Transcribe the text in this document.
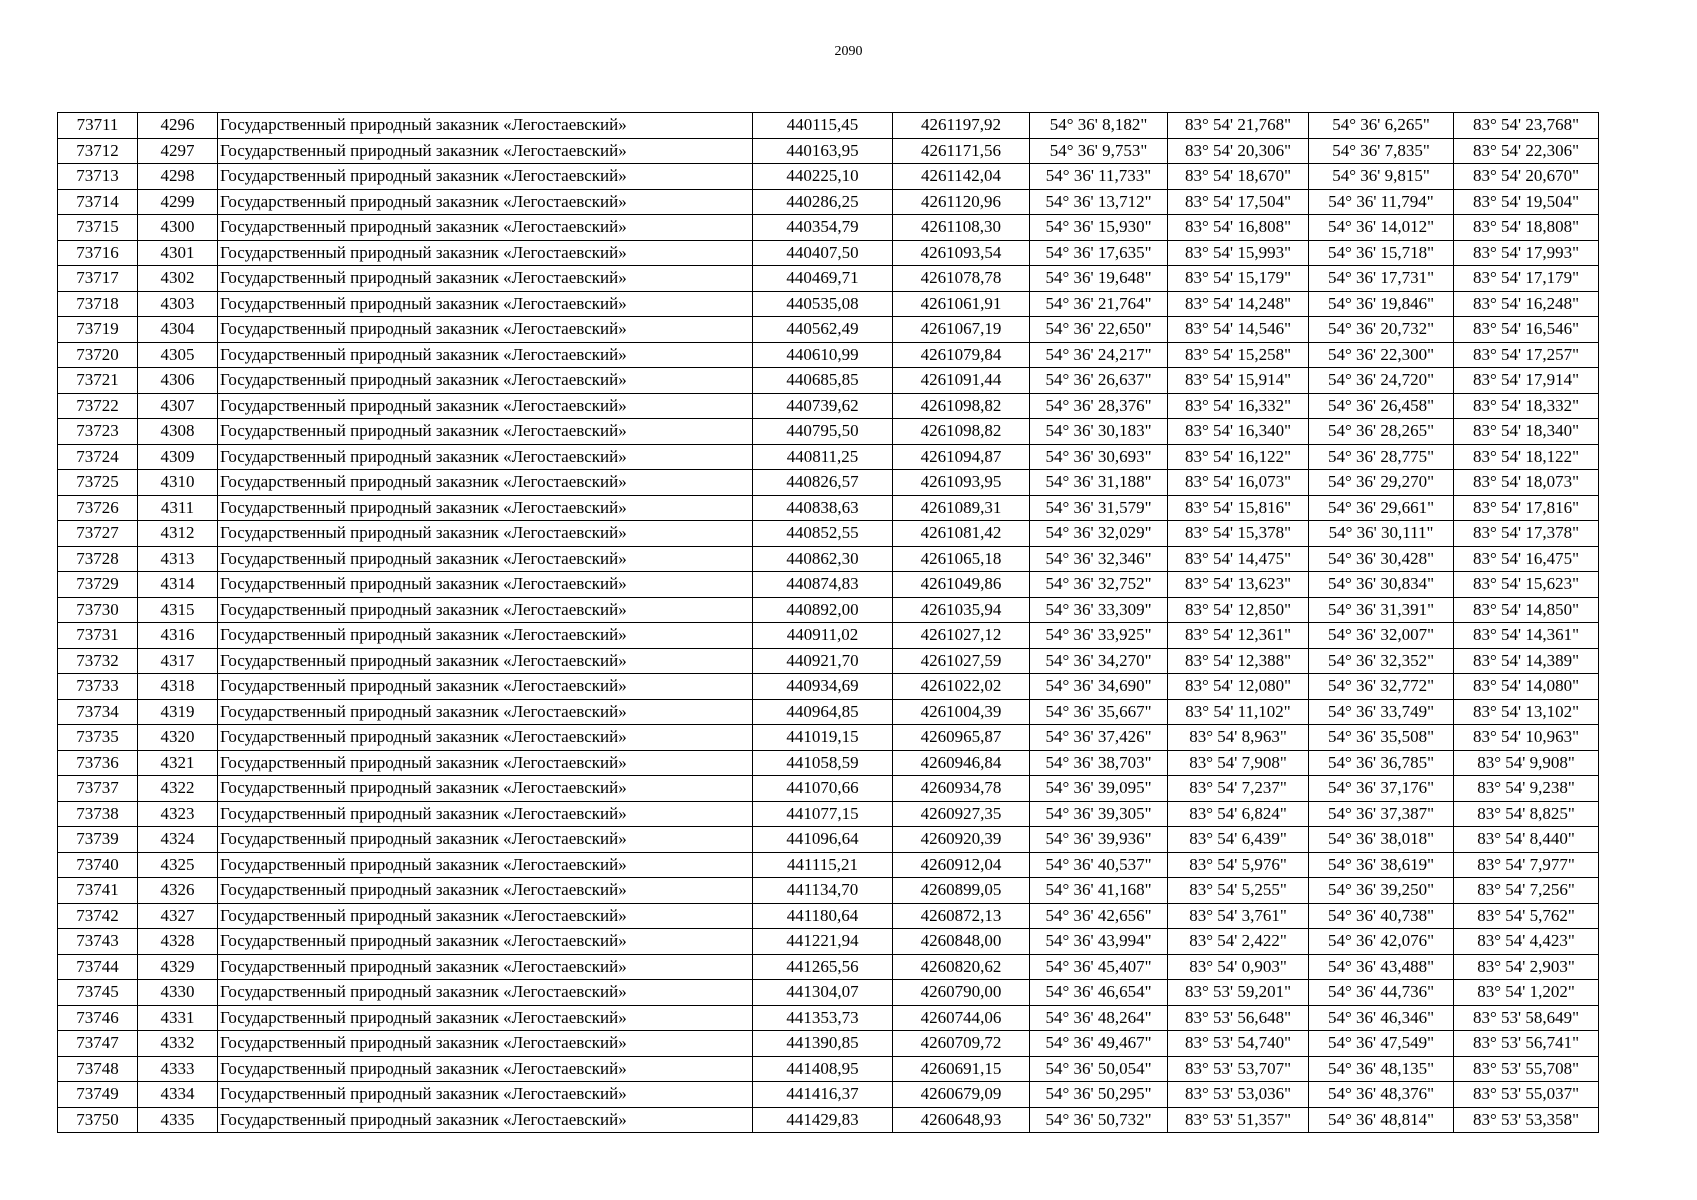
2090
73711	4296	Государственный природный заказник «Легостаевский»	440115,45	4261197,92	54° 36' 8,182"	83° 54' 21,768"	54° 36' 6,265"	83° 54' 23,768"
73712	4297	Государственный природный заказник «Легостаевский»	440163,95	4261171,56	54° 36' 9,753"	83° 54' 20,306"	54° 36' 7,835"	83° 54' 22,306"
73713	4298	Государственный природный заказник «Легостаевский»	440225,10	4261142,04	54° 36' 11,733"	83° 54' 18,670"	54° 36' 9,815"	83° 54' 20,670"
73714	4299	Государственный природный заказник «Легостаевский»	440286,25	4261120,96	54° 36' 13,712"	83° 54' 17,504"	54° 36' 11,794"	83° 54' 19,504"
73715	4300	Государственный природный заказник «Легостаевский»	440354,79	4261108,30	54° 36' 15,930"	83° 54' 16,808"	54° 36' 14,012"	83° 54' 18,808"
73716	4301	Государственный природный заказник «Легостаевский»	440407,50	4261093,54	54° 36' 17,635"	83° 54' 15,993"	54° 36' 15,718"	83° 54' 17,993"
73717	4302	Государственный природный заказник «Легостаевский»	440469,71	4261078,78	54° 36' 19,648"	83° 54' 15,179"	54° 36' 17,731"	83° 54' 17,179"
73718	4303	Государственный природный заказник «Легостаевский»	440535,08	4261061,91	54° 36' 21,764"	83° 54' 14,248"	54° 36' 19,846"	83° 54' 16,248"
73719	4304	Государственный природный заказник «Легостаевский»	440562,49	4261067,19	54° 36' 22,650"	83° 54' 14,546"	54° 36' 20,732"	83° 54' 16,546"
73720	4305	Государственный природный заказник «Легостаевский»	440610,99	4261079,84	54° 36' 24,217"	83° 54' 15,258"	54° 36' 22,300"	83° 54' 17,257"
73721	4306	Государственный природный заказник «Легостаевский»	440685,85	4261091,44	54° 36' 26,637"	83° 54' 15,914"	54° 36' 24,720"	83° 54' 17,914"
73722	4307	Государственный природный заказник «Легостаевский»	440739,62	4261098,82	54° 36' 28,376"	83° 54' 16,332"	54° 36' 26,458"	83° 54' 18,332"
73723	4308	Государственный природный заказник «Легостаевский»	440795,50	4261098,82	54° 36' 30,183"	83° 54' 16,340"	54° 36' 28,265"	83° 54' 18,340"
73724	4309	Государственный природный заказник «Легостаевский»	440811,25	4261094,87	54° 36' 30,693"	83° 54' 16,122"	54° 36' 28,775"	83° 54' 18,122"
73725	4310	Государственный природный заказник «Легостаевский»	440826,57	4261093,95	54° 36' 31,188"	83° 54' 16,073"	54° 36' 29,270"	83° 54' 18,073"
73726	4311	Государственный природный заказник «Легостаевский»	440838,63	4261089,31	54° 36' 31,579"	83° 54' 15,816"	54° 36' 29,661"	83° 54' 17,816"
73727	4312	Государственный природный заказник «Легостаевский»	440852,55	4261081,42	54° 36' 32,029"	83° 54' 15,378"	54° 36' 30,111"	83° 54' 17,378"
73728	4313	Государственный природный заказник «Легостаевский»	440862,30	4261065,18	54° 36' 32,346"	83° 54' 14,475"	54° 36' 30,428"	83° 54' 16,475"
73729	4314	Государственный природный заказник «Легостаевский»	440874,83	4261049,86	54° 36' 32,752"	83° 54' 13,623"	54° 36' 30,834"	83° 54' 15,623"
73730	4315	Государственный природный заказник «Легостаевский»	440892,00	4261035,94	54° 36' 33,309"	83° 54' 12,850"	54° 36' 31,391"	83° 54' 14,850"
73731	4316	Государственный природный заказник «Легостаевский»	440911,02	4261027,12	54° 36' 33,925"	83° 54' 12,361"	54° 36' 32,007"	83° 54' 14,361"
73732	4317	Государственный природный заказник «Легостаевский»	440921,70	4261027,59	54° 36' 34,270"	83° 54' 12,388"	54° 36' 32,352"	83° 54' 14,389"
73733	4318	Государственный природный заказник «Легостаевский»	440934,69	4261022,02	54° 36' 34,690"	83° 54' 12,080"	54° 36' 32,772"	83° 54' 14,080"
73734	4319	Государственный природный заказник «Легостаевский»	440964,85	4261004,39	54° 36' 35,667"	83° 54' 11,102"	54° 36' 33,749"	83° 54' 13,102"
73735	4320	Государственный природный заказник «Легостаевский»	441019,15	4260965,87	54° 36' 37,426"	83° 54' 8,963"	54° 36' 35,508"	83° 54' 10,963"
73736	4321	Государственный природный заказник «Легостаевский»	441058,59	4260946,84	54° 36' 38,703"	83° 54' 7,908"	54° 36' 36,785"	83° 54' 9,908"
73737	4322	Государственный природный заказник «Легостаевский»	441070,66	4260934,78	54° 36' 39,095"	83° 54' 7,237"	54° 36' 37,176"	83° 54' 9,238"
73738	4323	Государственный природный заказник «Легостаевский»	441077,15	4260927,35	54° 36' 39,305"	83° 54' 6,824"	54° 36' 37,387"	83° 54' 8,825"
73739	4324	Государственный природный заказник «Легостаевский»	441096,64	4260920,39	54° 36' 39,936"	83° 54' 6,439"	54° 36' 38,018"	83° 54' 8,440"
73740	4325	Государственный природный заказник «Легостаевский»	441115,21	4260912,04	54° 36' 40,537"	83° 54' 5,976"	54° 36' 38,619"	83° 54' 7,977"
73741	4326	Государственный природный заказник «Легостаевский»	441134,70	4260899,05	54° 36' 41,168"	83° 54' 5,255"	54° 36' 39,250"	83° 54' 7,256"
73742	4327	Государственный природный заказник «Легостаевский»	441180,64	4260872,13	54° 36' 42,656"	83° 54' 3,761"	54° 36' 40,738"	83° 54' 5,762"
73743	4328	Государственный природный заказник «Легостаевский»	441221,94	4260848,00	54° 36' 43,994"	83° 54' 2,422"	54° 36' 42,076"	83° 54' 4,423"
73744	4329	Государственный природный заказник «Легостаевский»	441265,56	4260820,62	54° 36' 45,407"	83° 54' 0,903"	54° 36' 43,488"	83° 54' 2,903"
73745	4330	Государственный природный заказник «Легостаевский»	441304,07	4260790,00	54° 36' 46,654"	83° 53' 59,201"	54° 36' 44,736"	83° 54' 1,202"
73746	4331	Государственный природный заказник «Легостаевский»	441353,73	4260744,06	54° 36' 48,264"	83° 53' 56,648"	54° 36' 46,346"	83° 53' 58,649"
73747	4332	Государственный природный заказник «Легостаевский»	441390,85	4260709,72	54° 36' 49,467"	83° 53' 54,740"	54° 36' 47,549"	83° 53' 56,741"
73748	4333	Государственный природный заказник «Легостаевский»	441408,95	4260691,15	54° 36' 50,054"	83° 53' 53,707"	54° 36' 48,135"	83° 53' 55,708"
73749	4334	Государственный природный заказник «Легостаевский»	441416,37	4260679,09	54° 36' 50,295"	83° 53' 53,036"	54° 36' 48,376"	83° 53' 55,037"
73750	4335	Государственный природный заказник «Легостаевский»	441429,83	4260648,93	54° 36' 50,732"	83° 53' 51,357"	54° 36' 48,814"	83° 53' 53,358"
